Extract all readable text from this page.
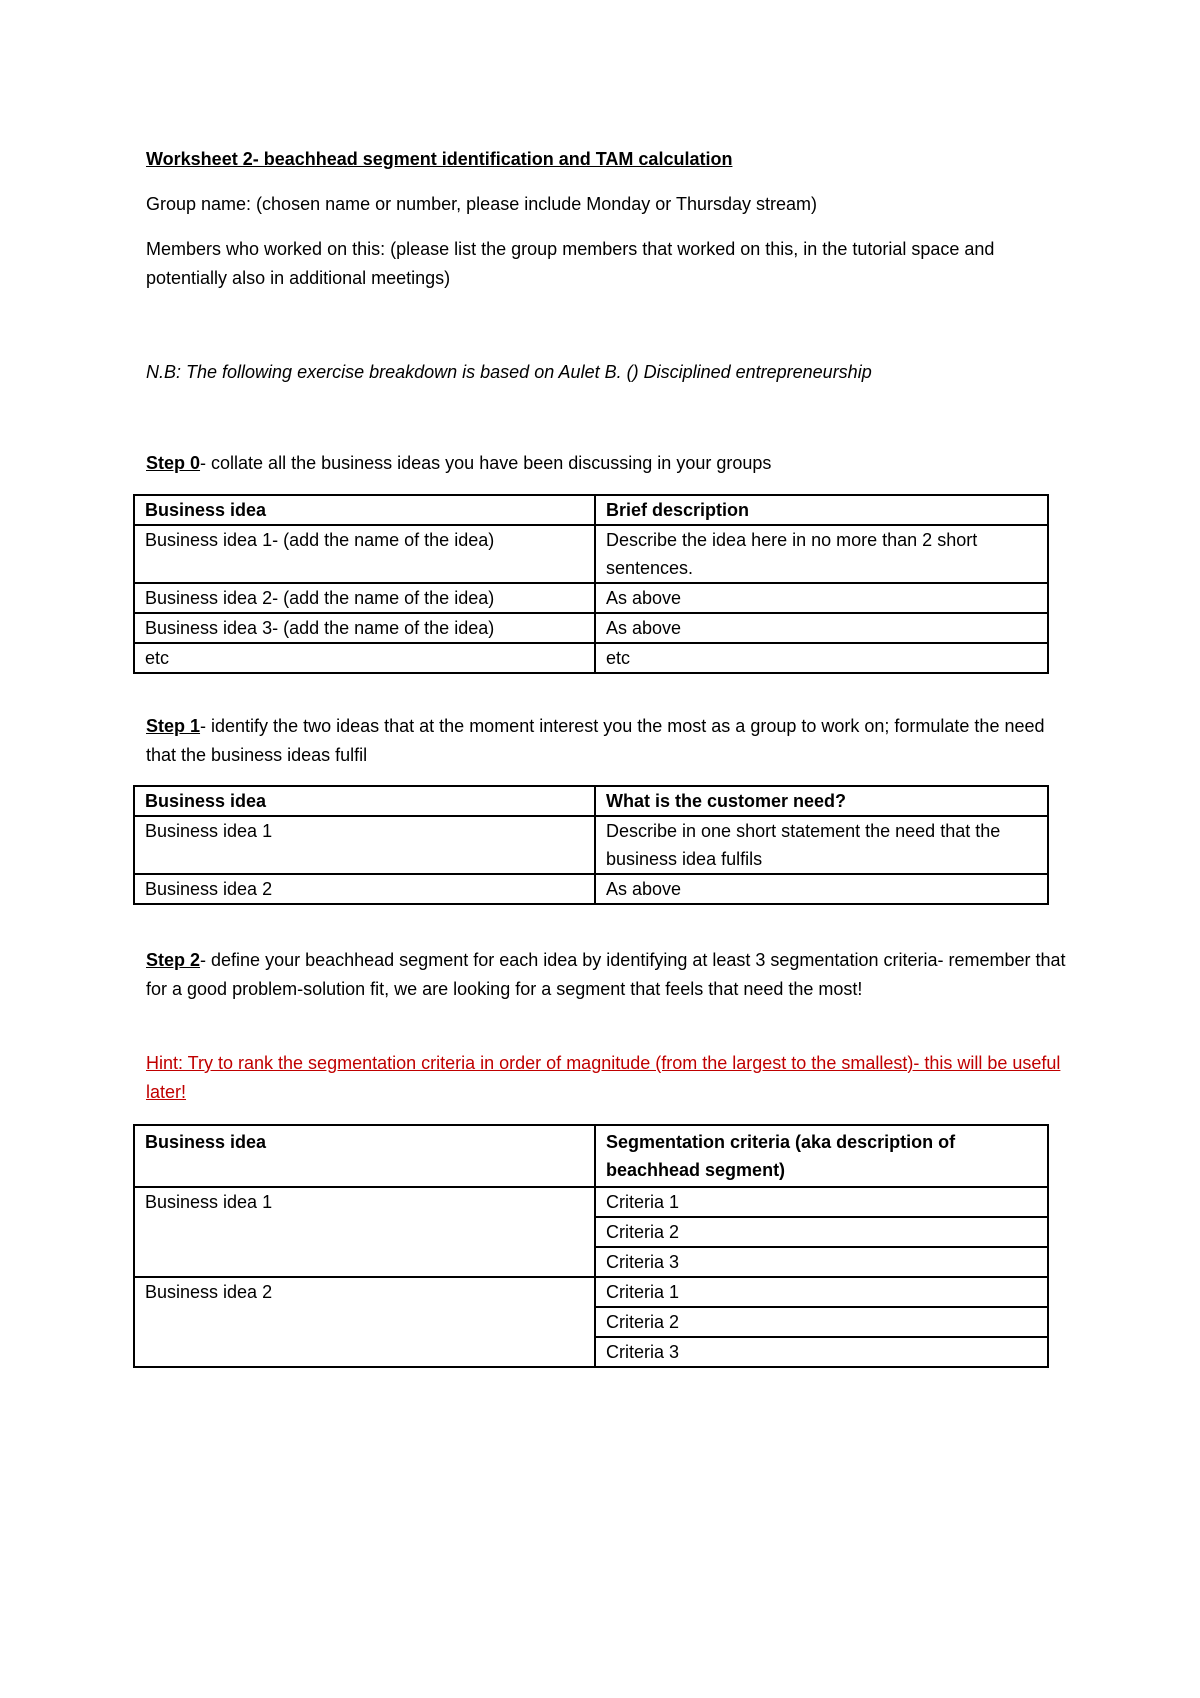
Worksheet 2- beachhead segment identification and TAM calculation

Group name: (chosen name or number, please include Monday or Thursday stream)

Members who worked on this: (please list the group members that worked on this, in the tutorial space and potentially also in additional meetings)

N.B: The following exercise breakdown is based on Aulet B. () Disciplined entrepreneurship

Step 0- collate all the business ideas you have been discussing in your groups

Business idea	Brief description
Business idea 1- (add the name of the idea)	Describe the idea here in no more than 2 short sentences.
Business idea 2- (add the name of the idea)	As above
Business idea 3- (add the name of the idea)	As above
etc	etc

Step 1- identify the two ideas that at the moment interest you the most as a group to work on; formulate the need that the business ideas fulfil

Business idea	What is the customer need?
Business idea 1	Describe in one short statement the need that the business idea fulfils
Business idea 2	As above

Step 2- define your beachhead segment for each idea by identifying at least 3 segmentation criteria- remember that for a good problem-solution fit, we are looking for a segment that feels that need the most!

Hint: Try to rank the segmentation criteria in order of magnitude (from the largest to the smallest)- this will be useful later!

Business idea	Segmentation criteria (aka description of beachhead segment)
Business idea 1	Criteria 1
	Criteria 2
	Criteria 3
Business idea 2	Criteria 1
	Criteria 2
	Criteria 3
